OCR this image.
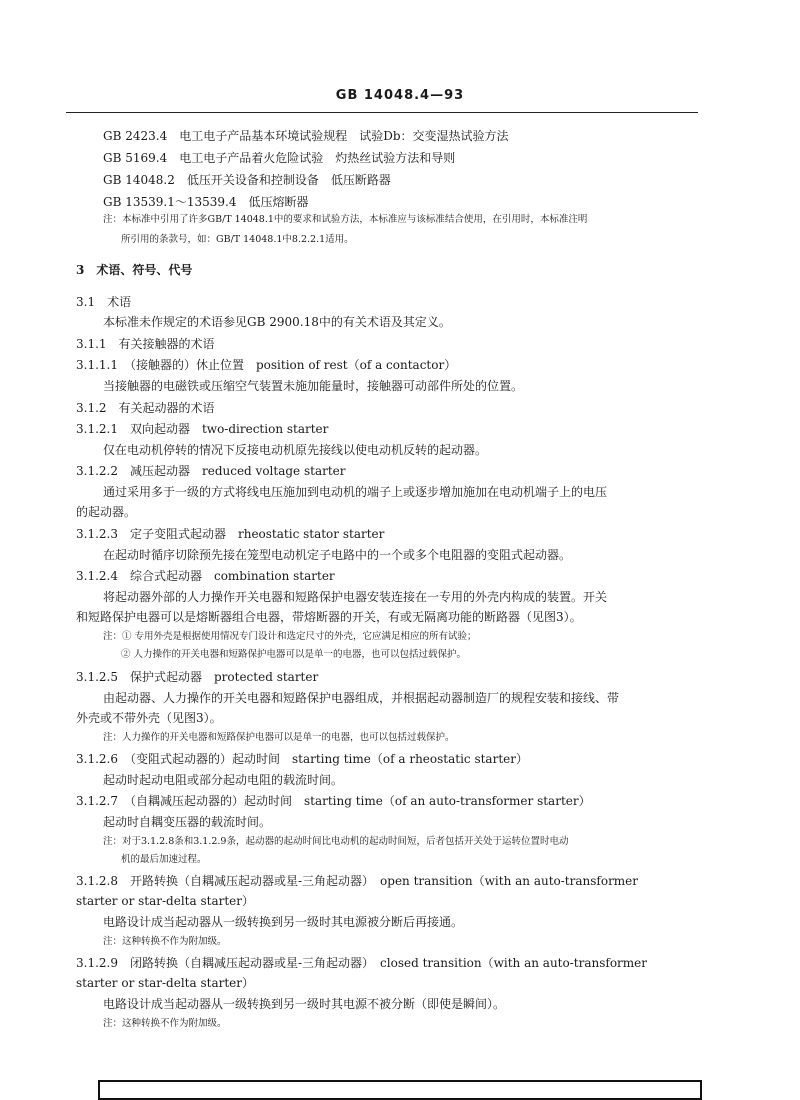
GB 14048.4—93
GB 2423.4　电工电子产品基本环境试验规程　试验Db：交变湿热试验方法
GB 5169.4　电工电子产品着火危险试验　灼热丝试验方法和导则
GB 14048.2　低压开关设备和控制设备　低压断路器
GB 13539.1～13539.4　低压熔断器
注：本标准中引用了许多GB/T 14048.1中的要求和试验方法，本标准应与该标准结合使用，在引用时，本标准注明
所引用的条款号，如：GB/T 14048.1中8.2.2.1适用。
3　术语、符号、代号
3.1　术语
本标准未作规定的术语参见GB 2900.18中的有关术语及其定义。
3.1.1　有关接触器的术语
3.1.1.1　（接触器的）休止位置　position of rest（of a contactor）
当接触器的电磁铁或压缩空气装置未施加能量时，接触器可动部件所处的位置。
3.1.2　有关起动器的术语
3.1.2.1　双向起动器　two-direction starter
仅在电动机停转的情况下反接电动机原先接线以使电动机反转的起动器。
3.1.2.2　减压起动器　reduced voltage starter
通过采用多于一级的方式将线电压施加到电动机的端子上或逐步增加施加在电动机端子上的电压
的起动器。
3.1.2.3　定子变阻式起动器　rheostatic stator starter
在起动时循序切除预先接在笼型电动机定子电路中的一个或多个电阻器的变阻式起动器。
3.1.2.4　综合式起动器　combination starter
将起动器外部的人力操作开关电器和短路保护电器安装连接在一专用的外壳内构成的装置。开关
和短路保护电器可以是熔断器组合电器，带熔断器的开关，有或无隔离功能的断路器（见图3）。
注：① 专用外壳是根据使用情况专门设计和选定尺寸的外壳，它应满足相应的所有试验；
② 人力操作的开关电器和短路保护电器可以是单一的电器，也可以包括过载保护。
3.1.2.5　保护式起动器　protected starter
由起动器、人力操作的开关电器和短路保护电器组成，并根据起动器制造厂的规程安装和接线、带
外壳或不带外壳（见图3）。
注：人力操作的开关电器和短路保护电器可以是单一的电器，也可以包括过载保护。
3.1.2.6　（变阻式起动器的）起动时间　starting time（of a rheostatic starter）
起动时起动电阻或部分起动电阻的载流时间。
3.1.2.7　（自耦减压起动器的）起动时间　starting time（of an auto-transformer starter）
起动时自耦变压器的载流时间。
注：对于3.1.2.8条和3.1.2.9条，起动器的起动时间比电动机的起动时间短，后者包括开关处于运转位置时电动
机的最后加速过程。
3.1.2.8　开路转换（自耦减压起动器或星-三角起动器）　open transition（with an auto-transformer
starter or star-delta starter）
电路设计成当起动器从一级转换到另一级时其电源被分断后再接通。
注：这种转换不作为附加级。
3.1.2.9　闭路转换（自耦减压起动器或星-三角起动器）　closed transition（with an auto-transformer
starter or star-delta starter）
电路设计成当起动器从一级转换到另一级时其电源不被分断（即使是瞬间）。
注：这种转换不作为附加级。
